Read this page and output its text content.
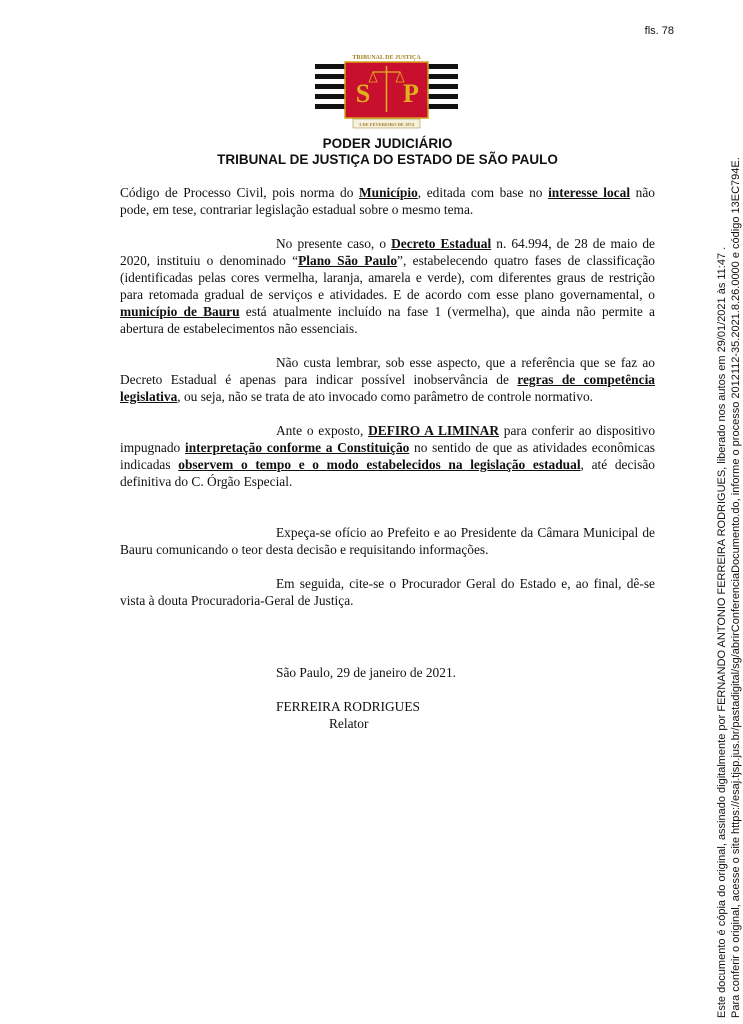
fls. 78
TRIBUNAL DE JUSTIÇA
S P
3 DE FEVEREIRO DE 1874
PODER JUDICIÁRIO
TRIBUNAL DE JUSTIÇA DO ESTADO DE SÃO PAULO

Código de Processo Civil, pois norma do Município, editada com base no interesse local não pode, em tese, contrariar legislação estadual sobre o mesmo tema.

No presente caso, o Decreto Estadual n. 64.994, de 28 de maio de 2020, instituiu o denominado “Plano São Paulo”, estabelecendo quatro fases de classificação (identificadas pelas cores vermelha, laranja, amarela e verde), com diferentes graus de restrição para retomada gradual de serviços e atividades. E de acordo com esse plano governamental, o município de Bauru está atualmente incluído na fase 1 (vermelha), que ainda não permite a abertura de estabelecimentos não essenciais.

Não custa lembrar, sob esse aspecto, que a referência que se faz ao Decreto Estadual é apenas para indicar possível inobservância de regras de competência legislativa, ou seja, não se trata de ato invocado como parâmetro de controle normativo.

Ante o exposto, DEFIRO A LIMINAR para conferir ao dispositivo impugnado interpretação conforme a Constituição no sentido de que as atividades econômicas indicadas observem o tempo e o modo estabelecidos na legislação estadual, até decisão definitiva do C. Órgão Especial.

Expeça-se ofício ao Prefeito e ao Presidente da Câmara Municipal de Bauru comunicando o teor desta decisão e requisitando informações.

Em seguida, cite-se o Procurador Geral do Estado e, ao final, dê-se vista à douta Procuradoria-Geral de Justiça.

São Paulo, 29 de janeiro de 2021.
FERREIRA RODRIGUES
Relator	Este documento é cópia do original, assinado digitalmente por FERNANDO ANTONIO FERREIRA RODRIGUES, liberado nos autos em 29/01/2021 às 11:47 . Para conferir o original, acesse o site https://esaj.tjsp.jus.br/pastadigital/sg/abrirConferenciaDocumento.do, informe o processo 2012112-35.2021.8.26.0000 e código 13EC794E.
